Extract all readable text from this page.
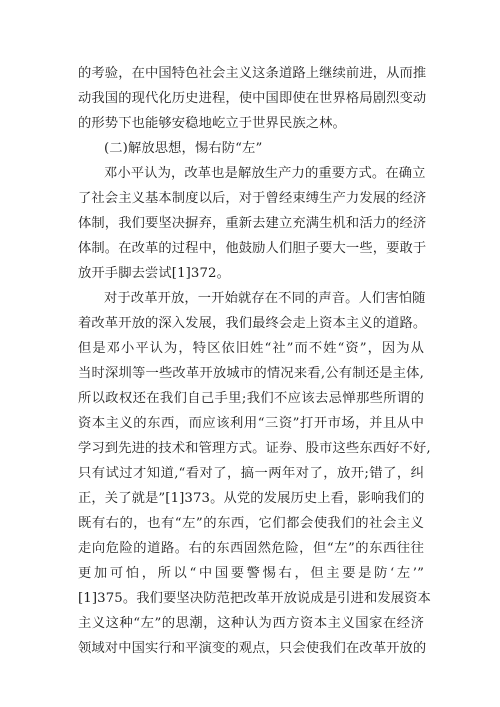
的考验，在中国特色社会主义这条道路上继续前进，从而推
动我国的现代化历史进程，使中国即使在世界格局剧烈变动
的形势下也能够安稳地屹立于世界民族之林。
(二)解放思想，惕右防“左”
邓小平认为，改革也是解放生产力的重要方式。在确立
了社会主义基本制度以后，对于曾经束缚生产力发展的经济
体制，我们要坚决摒弃，重新去建立充满生机和活力的经济
体制。在改革的过程中，他鼓励人们胆子要大一些，要敢于
放开手脚去尝试[1]372。
对于改革开放，一开始就存在不同的声音。人们害怕随
着改革开放的深入发展，我们最终会走上资本主义的道路。
但是邓小平认为，特区依旧姓“社”而不姓“资”，因为从
当时深圳等一些改革开放城市的情况来看,公有制还是主体,
所以政权还在我们自己手里;我们不应该去忌惮那些所谓的
资本主义的东西，而应该利用“三资”打开市场，并且从中
学习到先进的技术和管理方式。证券、股市这些东西好不好,
只有试过才知道,“看对了，搞一两年对了，放开;错了，纠
正，关了就是”[1]373。从党的发展历史上看，影响我们的
既有右的，也有“左”的东西，它们都会使我们的社会主义
走向危险的道路。右的东西固然危险，但“左”的东西往往
更加可怕，所以“中国要警惕右，但主要是防‘左’”
[1]375。我们要坚决防范把改革开放说成是引进和发展资本
主义这种“左”的思潮，这种认为西方资本主义国家在经济
领域对中国实行和平演变的观点，只会使我们在改革开放的
